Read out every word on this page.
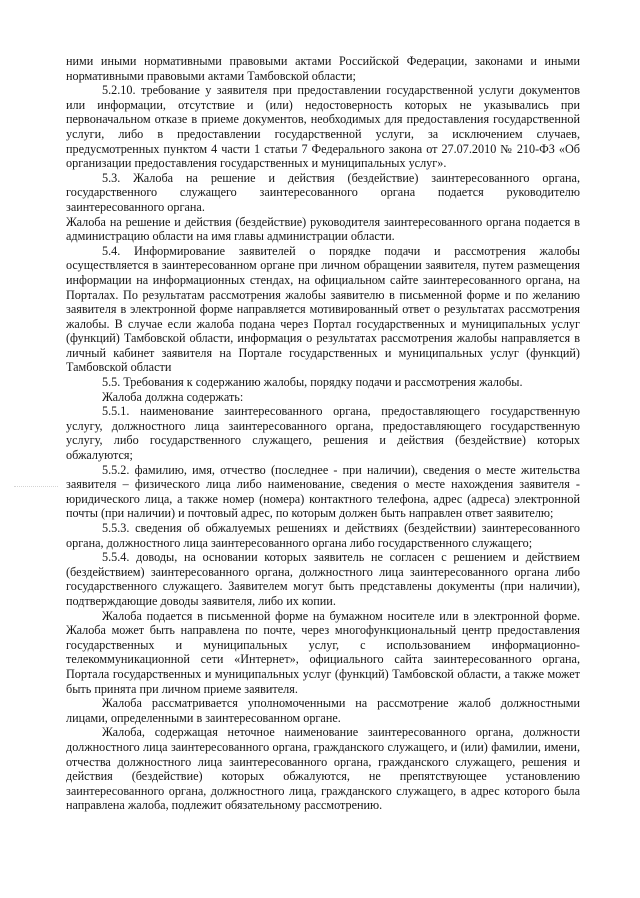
ними иными нормативными правовыми актами Российской Федерации, законами и иными нормативными правовыми актами Тамбовской области;

5.2.10. требование у заявителя при предоставлении государственной услуги документов или информации, отсутствие и (или) недостоверность которых не указывались при первоначальном отказе в приеме документов, необходимых для предоставления государственной услуги, либо в предоставлении государственной услуги, за исключением случаев, предусмотренных пунктом 4 части 1 статьи 7 Федерального закона от 27.07.2010 № 210-ФЗ «Об организации предоставления государственных и муниципальных услуг».

5.3. Жалоба на решение и действия (бездействие) заинтересованного органа, государственного служащего заинтересованного органа подается руководителю заинтересованного органа.

Жалоба на решение и действия (бездействие) руководителя заинтересованного органа подается в администрацию области на имя главы администрации области.

5.4. Информирование заявителей о порядке подачи и рассмотрения жалобы осуществляется в заинтересованном органе при личном обращении заявителя, путем размещения информации на информационных стендах, на официальном сайте заинтересованного органа, на Порталах. По результатам рассмотрения жалобы заявителю в письменной форме и по желанию заявителя в электронной форме направляется мотивированный ответ о результатах рассмотрения жалобы. В случае если жалоба подана через Портал государственных и муниципальных услуг (функций) Тамбовской области, информация о результатах рассмотрения жалобы направляется в личный кабинет заявителя на Портале государственных и муниципальных услуг (функций) Тамбовской области

5.5. Требования к содержанию жалобы, порядку подачи и рассмотрения жалобы.

Жалоба должна содержать:

5.5.1. наименование заинтересованного органа, предоставляющего государственную услугу, должностного лица заинтересованного органа, предоставляющего государственную услугу, либо государственного служащего, решения и действия (бездействие) которых обжалуются;

5.5.2. фамилию, имя, отчество (последнее - при наличии), сведения о месте жительства заявителя – физического лица либо наименование, сведения о месте нахождения заявителя - юридического лица, а также номер (номера) контактного телефона, адрес (адреса) электронной почты (при наличии) и почтовый адрес, по которым должен быть направлен ответ заявителю;

5.5.3. сведения об обжалуемых решениях и действиях (бездействии) заинтересованного органа, должностного лица заинтересованного органа либо государственного служащего;

5.5.4. доводы, на основании которых заявитель не согласен с решением и действием (бездействием) заинтересованного органа, должностного лица заинтересованного органа либо государственного служащего. Заявителем могут быть представлены документы (при наличии), подтверждающие доводы заявителя, либо их копии.

Жалоба подается в письменной форме на бумажном носителе или в электронной форме. Жалоба может быть направлена по почте, через многофункциональный центр предоставления государственных и муниципальных услуг, с использованием информационно-телекоммуникационной сети «Интернет», официального сайта заинтересованного органа, Портала государственных и муниципальных услуг (функций) Тамбовской области, а также может быть принята при личном приеме заявителя.

Жалоба рассматривается уполномоченными на рассмотрение жалоб должностными лицами, определенными в заинтересованном органе.

Жалоба, содержащая неточное наименование заинтересованного органа, должности должностного лица заинтересованного органа, гражданского служащего, и (или) фамилии, имени, отчества должностного лица заинтересованного органа, гражданского служащего, решения и действия (бездействие) которых обжалуются, не препятствующее установлению заинтересованного органа, должностного лица, гражданского служащего, в адрес которого была направлена жалоба, подлежит обязательному рассмотрению.
